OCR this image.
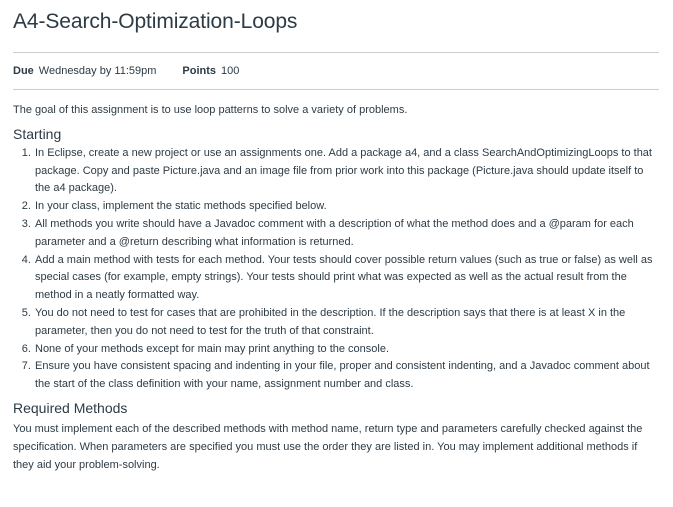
A4-Search-Optimization-Loops
Due Wednesday by 11:59pm Points 100

The goal of this assignment is to use loop patterns to solve a variety of problems.

Starting
1. In Eclipse, create a new project or use an assignments one. Add a package a4, and a class SearchAndOptimizingLoops to that package. Copy and paste Picture.java and an image file from prior work into this package (Picture.java should update itself to the a4 package).
2. In your class, implement the static methods specified below.
3. All methods you write should have a Javadoc comment with a description of what the method does and a @param for each parameter and a @return describing what information is returned.
4. Add a main method with tests for each method. Your tests should cover possible return values (such as true or false) as well as special cases (for example, empty strings). Your tests should print what was expected as well as the actual result from the method in a neatly formatted way.
5. You do not need to test for cases that are prohibited in the description. If the description says that there is at least X in the parameter, then you do not need to test for the truth of that constraint.
6. None of your methods except for main may print anything to the console.
7. Ensure you have consistent spacing and indenting in your file, proper and consistent indenting, and a Javadoc comment about the start of the class definition with your name, assignment number and class.
Required Methods

You must implement each of the described methods with method name, return type and parameters carefully checked against the specification. When parameters are specified you must use the order they are listed in. You may implement additional methods if they aid your problem-solving.
